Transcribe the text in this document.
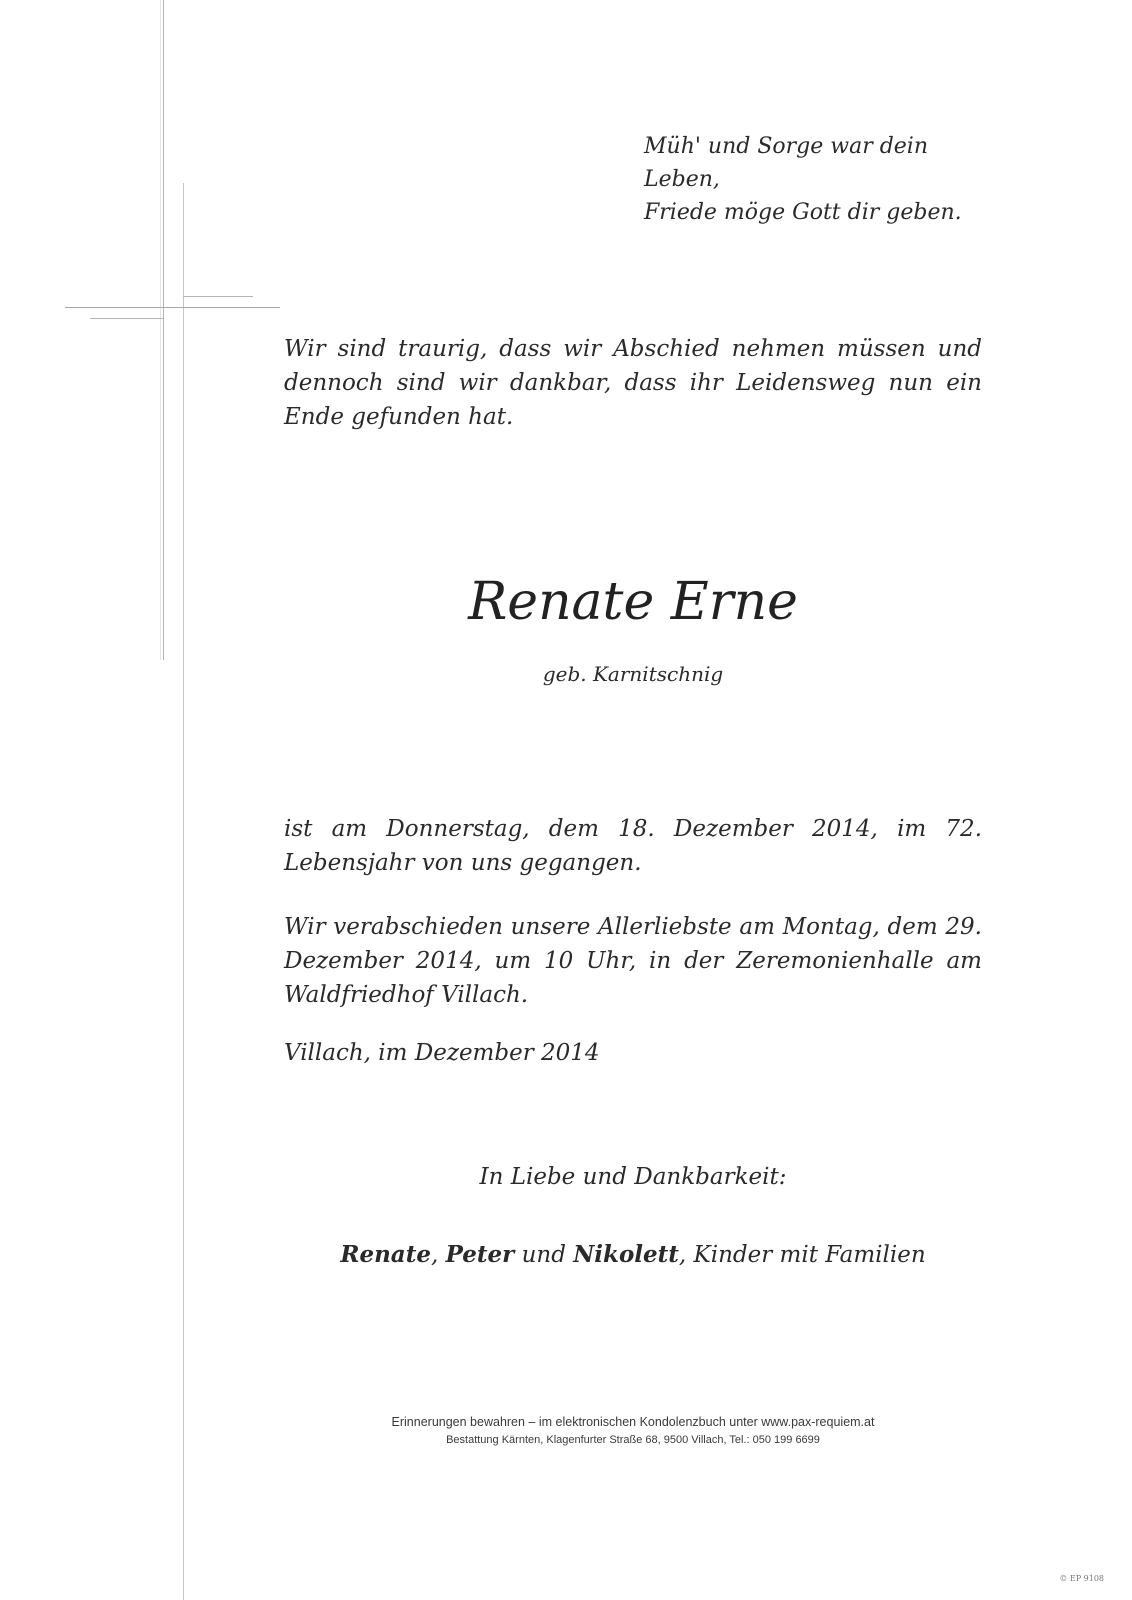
Müh' und Sorge war dein Leben,
Friede möge Gott dir geben.
Wir sind traurig, dass wir Abschied nehmen müssen und dennoch sind wir dankbar, dass ihr Leidensweg nun ein Ende gefunden hat.
Renate Erne
geb. Karnitschnig
ist am Donnerstag, dem 18. Dezember 2014, im 72. Lebensjahr von uns gegangen.
Wir verabschieden unsere Allerliebste am Montag, dem 29. Dezember 2014, um 10 Uhr, in der Zeremonienhalle am Waldfriedhof Villach.
Villach, im Dezember 2014
In Liebe und Dankbarkeit:
Renate, Peter und Nikolett, Kinder mit Familien
Erinnerungen bewahren – im elektronischen Kondolenzbuch unter www.pax-requiem.at
Bestattung Kärnten, Klagenfurter Straße 68, 9500 Villach, Tel.: 050 199 6699
© EP 9108
